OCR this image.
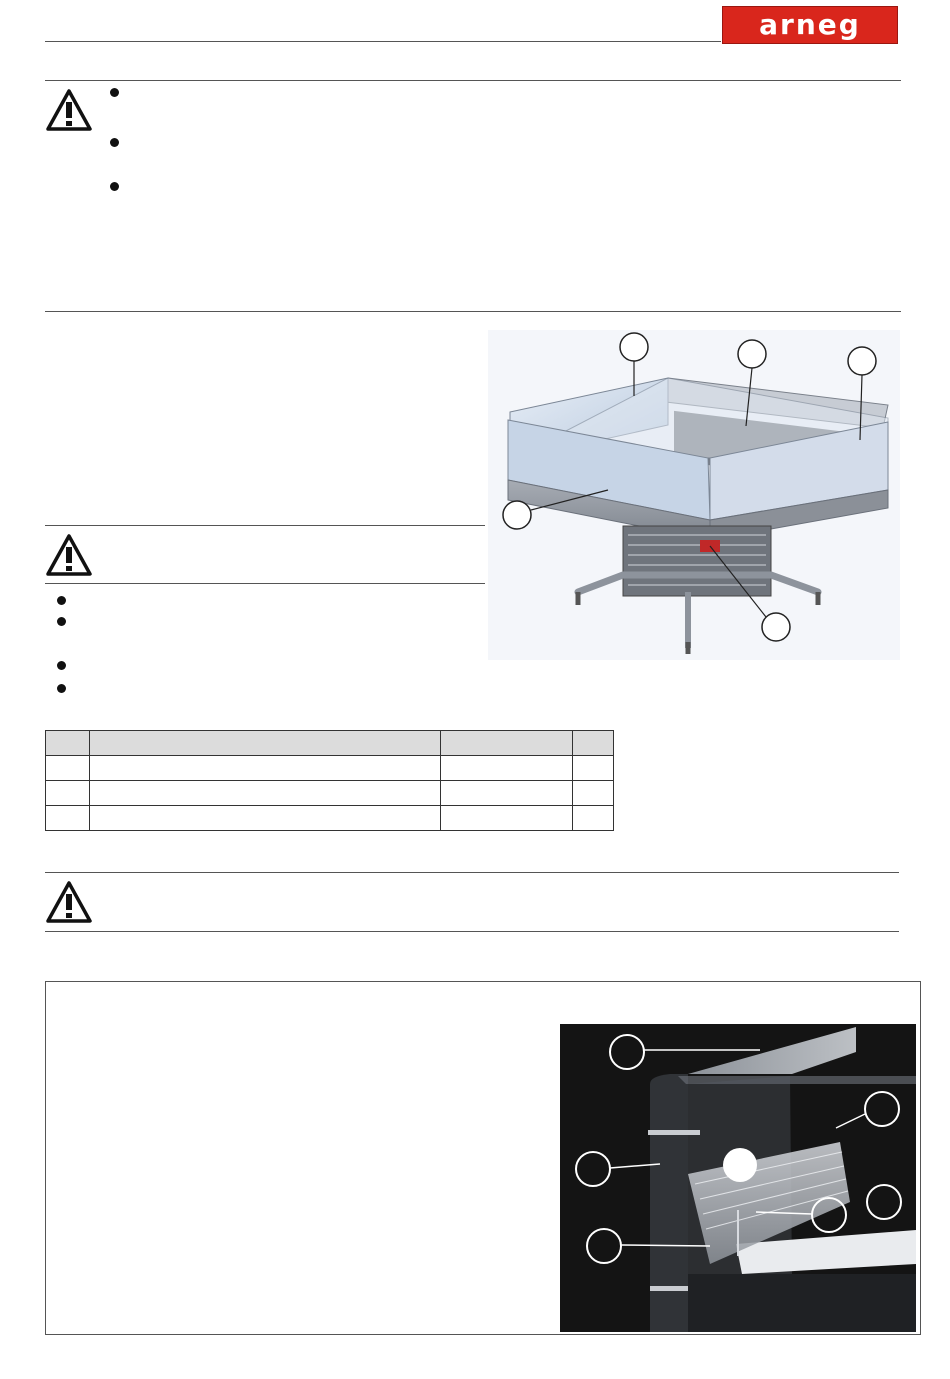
arneg
